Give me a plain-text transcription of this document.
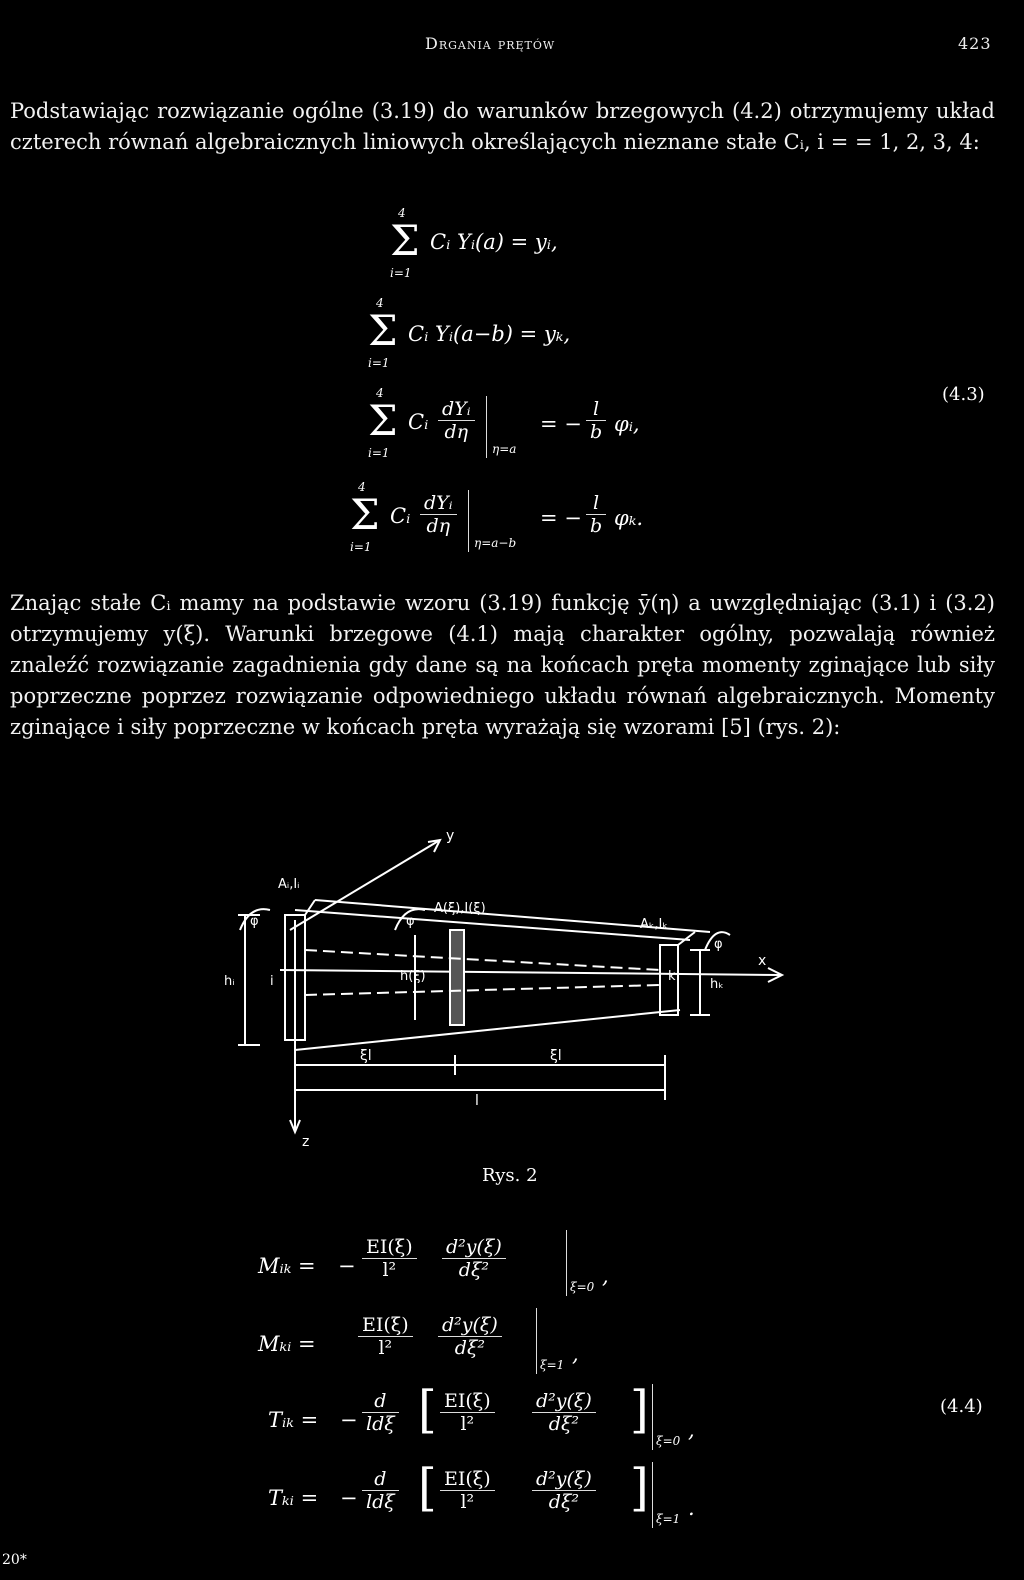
Drgania prętów	423

Podstawiając rozwiązanie ogólne (3.19) do warunków brzegowych (4.2) otrzymujemy układ czterech równań algebraicznych liniowych określających nieznane stałe Cᵢ, i = = 1, 2, 3, 4:

4
Σ
i=1
Cᵢ Yᵢ(a) = yᵢ,
4
Σ
i=1
Cᵢ Yᵢ(a−b) = yₖ,
4
Σ
i=1
Cᵢ
dYᵢ
dη
η=a
= − $\frac{l}{b}$ φᵢ,
4
Σ
i=1
Cᵢ
dYᵢ
dη
η=a−b
= − $\frac{l}{b} \varphi_k$.
(4.3)

Znając stałe Cᵢ mamy na podstawie wzoru (3.19) funkcję ȳ(η) a uwzględniając (3.1) i (3.2) otrzymujemy y(ξ). Warunki brzegowe (4.1) mają charakter ogólny, pozwalają również znaleźć rozwiązanie zagadnienia gdy dane są na końcach pręta momenty zginające lub siły poprzeczne poprzez rozwiązanie odpowiedniego układu równań algebraicznych. Momenty zginające i siły poprzeczne w końcach pręta wyrażają się wzorami [5] (rys. 2):

y
x
z
Aᵢ,Iᵢ
A(ξ),I(ξ)
Aₖ,Iₖ
hᵢ	h(ξ)
hₖ
i	k
ξl	ξl
l
φ	φ
φ
Rys. 2
Mᵢₖ = − $\frac{EI(\xi)}{\text{l²}} \frac{\text{d²y(ξ)}}{\text{dξ²}}$
ξ=0 ,
Mₖᵢ = $\frac{EI(\xi)}{\text{l²}} \frac{\text{d²y(ξ)}}{\text{dξ²}}$
ξ=1 ,
Tᵢₖ = −
d
ldξ [ $\frac{EI(\xi)}{\text{l²}} \frac{\text{d²y(ξ)}}{\text{dξ²}}$ ]
ξ=0 ,
Tₖᵢ = −
d
ldξ [ $\frac{EI(\xi)}{\text{l²}} \frac{\text{d²y(ξ)}}{\text{dξ²}}$ ]
ξ=1 .
(4.4)
20*
